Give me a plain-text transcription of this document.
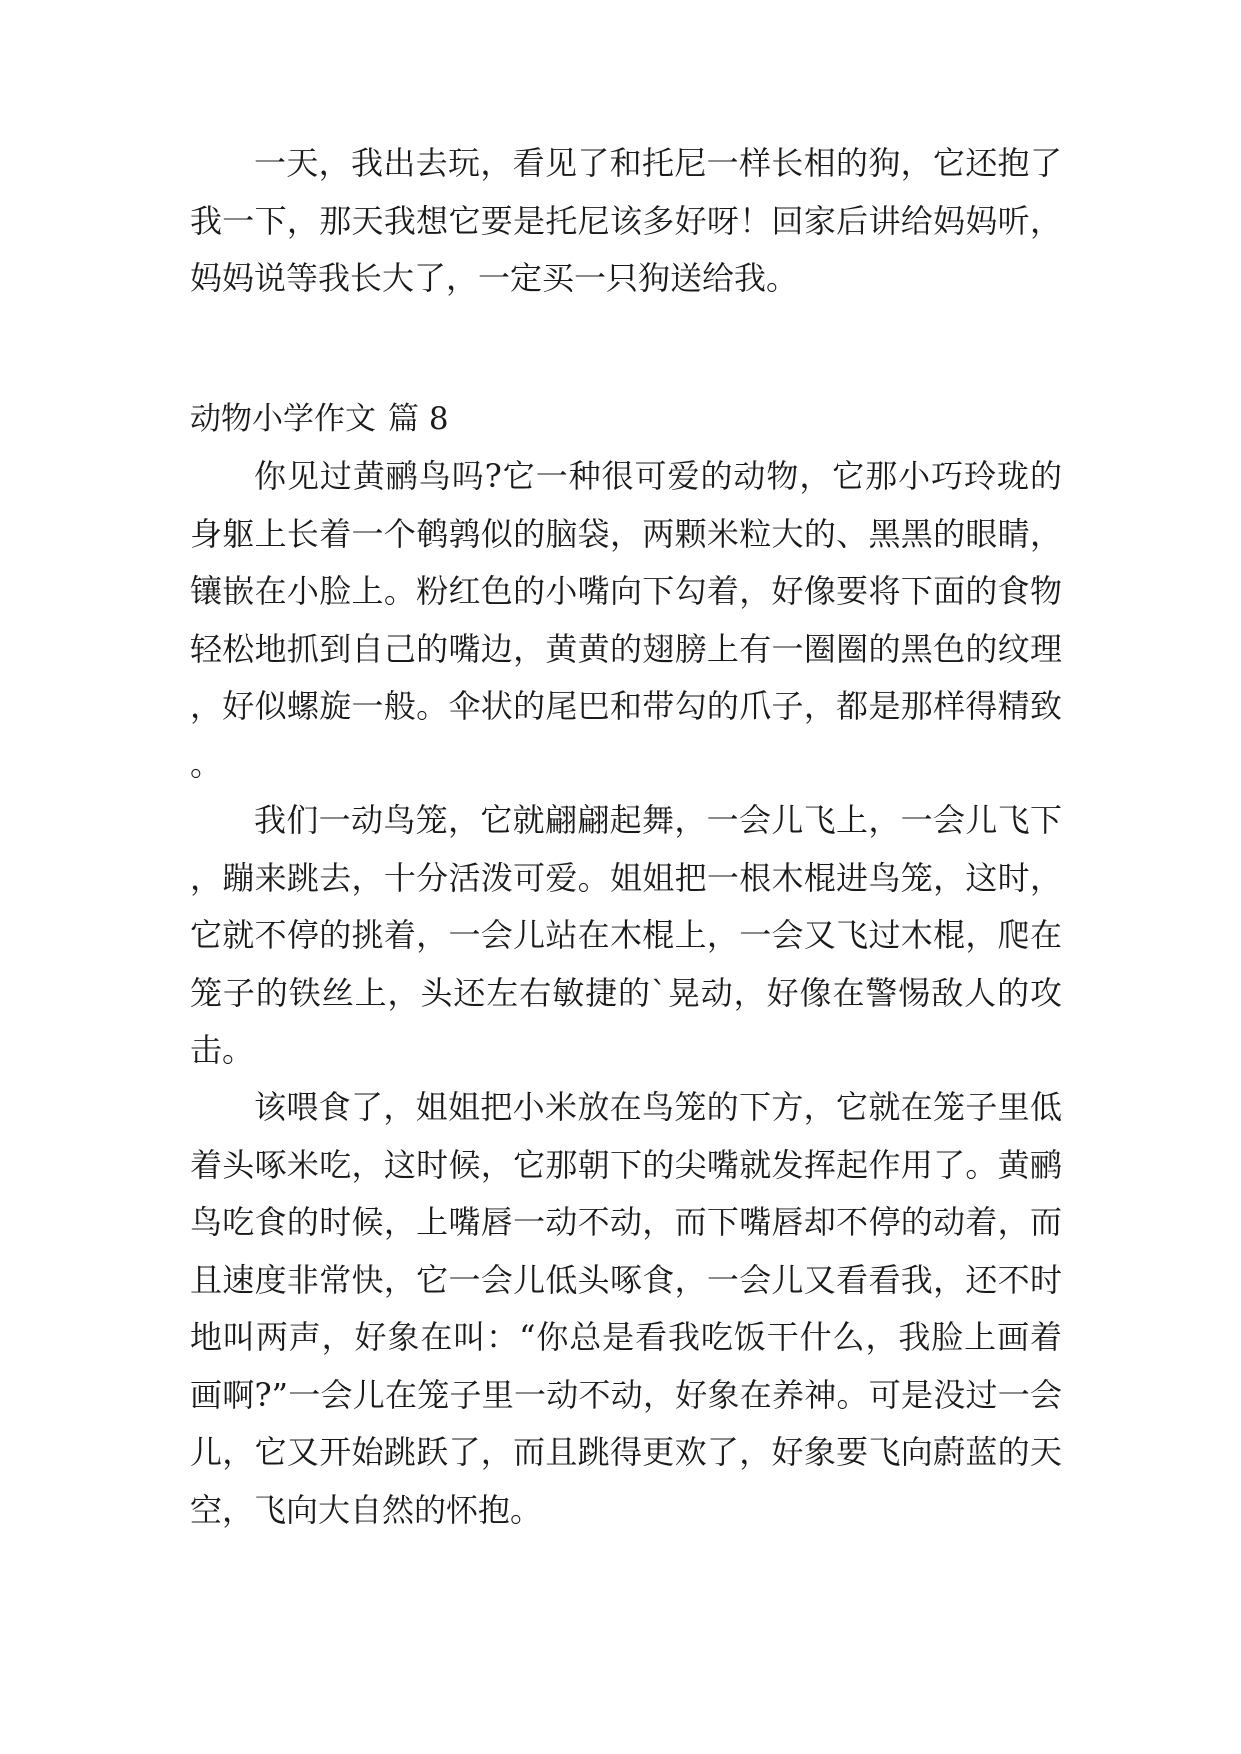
一天，我出去玩，看见了和托尼一样长相的狗，它还抱了我一下，那天我想它要是托尼该多好呀！回家后讲给妈妈听，妈妈说等我长大了，一定买一只狗送给我。

动物小学作文 篇 8

你见过黄鹂鸟吗?它一种很可爱的动物，它那小巧玲珑的身躯上长着一个鹌鹑似的脑袋，两颗米粒大的、黑黑的眼睛，镶嵌在小脸上。粉红色的小嘴向下勾着，好像要将下面的食物轻松地抓到自己的嘴边，黄黄的翅膀上有一圈圈的黑色的纹理，好似螺旋一般。伞状的尾巴和带勾的爪子，都是那样得精致。

我们一动鸟笼，它就翩翩起舞，一会儿飞上，一会儿飞下，蹦来跳去，十分活泼可爱。姐姐把一根木棍进鸟笼，这时，它就不停的挑着，一会儿站在木棍上，一会又飞过木棍，爬在笼子的铁丝上，头还左右敏捷的`晃动，好像在警惕敌人的攻击。

该喂食了，姐姐把小米放在鸟笼的下方，它就在笼子里低着头啄米吃，这时候，它那朝下的尖嘴就发挥起作用了。黄鹂鸟吃食的时候，上嘴唇一动不动，而下嘴唇却不停的动着，而且速度非常快，它一会儿低头啄食，一会儿又看看我，还不时地叫两声，好象在叫：“你总是看我吃饭干什么，我脸上画着画啊?”一会儿在笼子里一动不动，好象在养神。可是没过一会儿，它又开始跳跃了，而且跳得更欢了，好象要飞向蔚蓝的天空，飞向大自然的怀抱。
